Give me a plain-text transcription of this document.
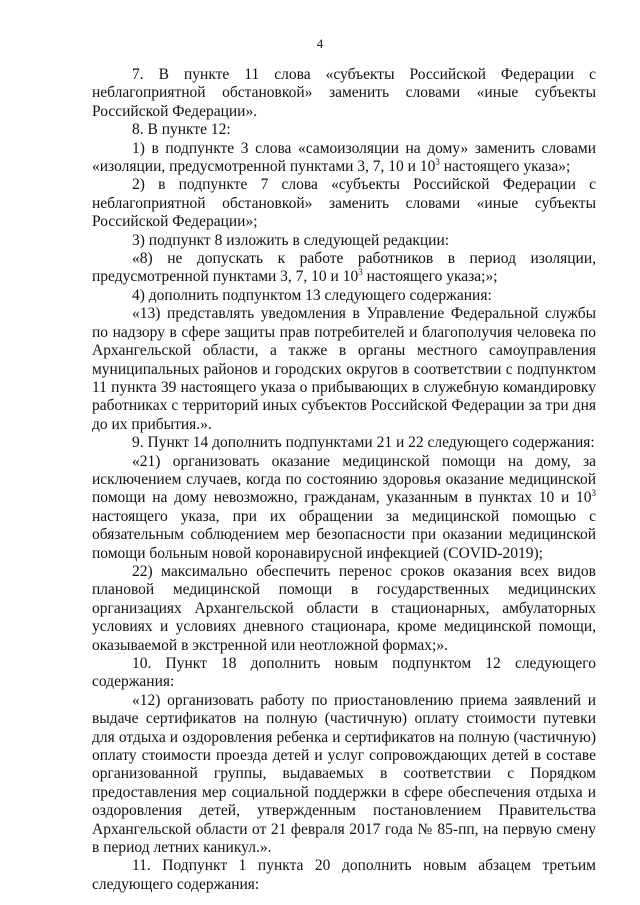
4

7. В пункте 11 слова «субъекты Российской Федерации с неблагоприятной обстановкой» заменить словами «иные субъекты Российской Федерации».

8. В пункте 12:

1) в подпункте 3 слова «самоизоляции на дому» заменить словами «изоляции, предусмотренной пунктами 3, 7, 10 и $10^3$ настоящего указа»;

2) в подпункте 7 слова «субъекты Российской Федерации с неблагоприятной обстановкой» заменить словами «иные субъекты Российской Федерации»;

3) подпункт 8 изложить в следующей редакции:

«8) не допускать к работе работников в период изоляции, предусмотренной пунктами 3, 7, 10 и $10^3$ настоящего указа;»;

4) дополнить подпунктом 13 следующего содержания:

«13) представлять уведомления в Управление Федеральной службы по надзору в сфере защиты прав потребителей и благополучия человека по Архангельской области, а также в органы местного самоуправления муниципальных районов и городских округов в соответствии с подпунктом 11 пункта 39 настоящего указа о прибывающих в служебную командировку работниках с территорий иных субъектов Российской Федерации за три дня до их прибытия.».

9. Пункт 14 дополнить подпунктами 21 и 22 следующего содержания:

«21) организовать оказание медицинской помощи на дому, за исключением случаев, когда по состоянию здоровья оказание медицинской помощи на дому невозможно, гражданам, указанным в пунктах 10 и $10^3$ настоящего указа, при их обращении за медицинской помощью с обязательным соблюдением мер безопасности при оказании медицинской помощи больным новой коронавирусной инфекцией (COVID-2019);

22) максимально обеспечить перенос сроков оказания всех видов плановой медицинской помощи в государственных медицинских организациях Архангельской области в стационарных, амбулаторных условиях и условиях дневного стационара, кроме медицинской помощи, оказываемой в экстренной или неотложной формах;».

10. Пункт 18 дополнить новым подпунктом 12 следующего содержания:

«12) организовать работу по приостановлению приема заявлений и выдаче сертификатов на полную (частичную) оплату стоимости путевки для отдыха и оздоровления ребенка и сертификатов на полную (частичную) оплату стоимости проезда детей и услуг сопровождающих детей в составе организованной группы, выдаваемых в соответствии с Порядком предоставления мер социальной поддержки в сфере обеспечения отдыха и оздоровления детей, утвержденным постановлением Правительства Архангельской области от 21 февраля 2017 года № 85-пп, на первую смену в период летних каникул.».

11. Подпункт 1 пункта 20 дополнить новым абзацем третьим следующего содержания:
